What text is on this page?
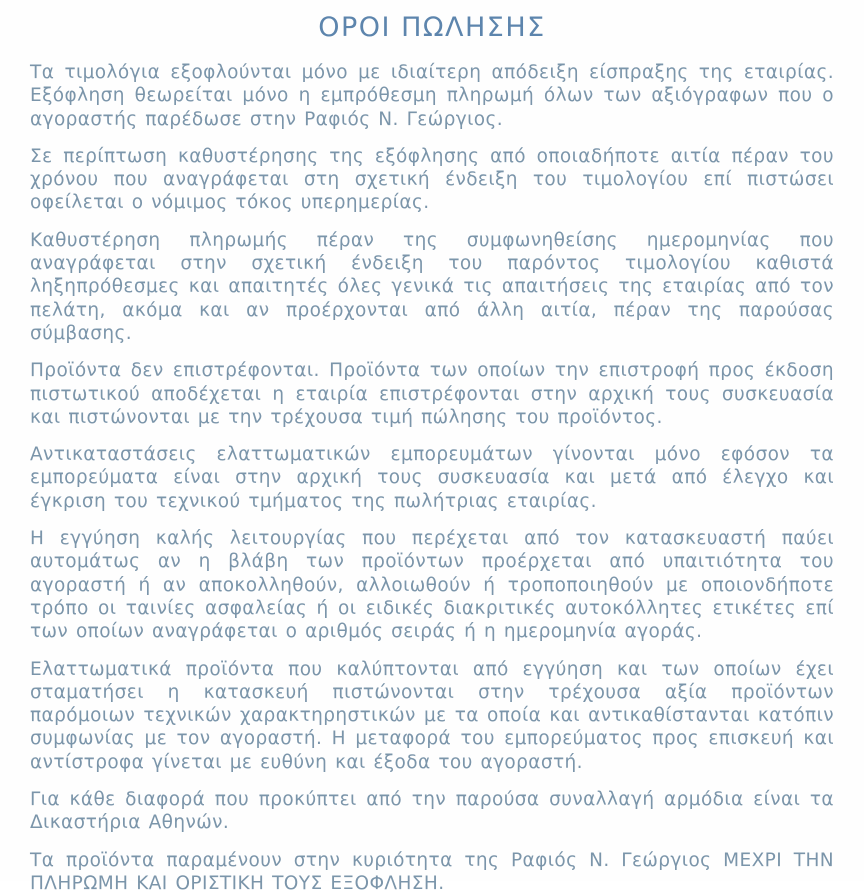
ΟΡΟΙ ΠΩΛΗΣΗΣ

Τα τιμολόγια εξοφλούνται μόνο με ιδιαίτερη απόδειξη είσπραξης της εταιρίας. Εξόφληση θεωρείται μόνο η εμπρόθεσμη πληρωμή όλων των αξιόγραφων που ο αγοραστής παρέδωσε στην Ραφιός Ν. Γεώργιος.

Σε περίπτωση καθυστέρησης της εξόφλησης από οποιαδήποτε αιτία πέραν του χρόνου που αναγράφεται στη σχετική ένδειξη του τιμολογίου επί πιστώσει οφείλεται ο νόμιμος τόκος υπερημερίας.

Καθυστέρηση πληρωμής πέραν της συμφωνηθείσης ημερομηνίας που αναγράφεται στην σχετική ένδειξη του παρόντος τιμολογίου καθιστά ληξηπρόθεσμες και απαιτητές όλες γενικά τις απαιτήσεις της εταιρίας από τον πελάτη, ακόμα και αν προέρχονται από άλλη αιτία, πέραν της παρούσας σύμβασης.

Προϊόντα δεν επιστρέφονται. Προϊόντα των οποίων την επιστροφή προς έκδοση πιστωτικού αποδέχεται η εταιρία επιστρέφονται στην αρχική τους συσκευασία και πιστώνονται με την τρέχουσα τιμή πώλησης του προϊόντος.

Αντικαταστάσεις ελαττωματικών εμπορευμάτων γίνονται μόνο εφόσον τα εμπορεύματα είναι στην αρχική τους συσκευασία και μετά από έλεγχο και έγκριση του τεχνικού τμήματος της πωλήτριας εταιρίας.

Η εγγύηση καλής λειτουργίας που περέχεται από τον κατασκευαστή παύει αυτομάτως αν η βλάβη των προϊόντων προέρχεται από υπαιτιότητα του αγοραστή ή αν αποκολληθούν, αλλοιωθούν ή τροποποιηθούν με οποιονδήποτε τρόπο οι ταινίες ασφαλείας ή οι ειδικές διακριτικές αυτοκόλλητες ετικέτες επί των οποίων αναγράφεται ο αριθμός σειράς ή η ημερομηνία αγοράς.

Ελαττωματικά προϊόντα που καλύπτονται από εγγύηση και των οποίων έχει σταματήσει η κατασκευή πιστώνονται στην τρέχουσα αξία προϊόντων παρόμοιων τεχνικών χαρακτηρηστικών με τα οποία και αντικαθίστανται κατόπιν συμφωνίας με τον αγοραστή. Η μεταφορά του εμπορεύματος προς επισκευή και αντίστροφα γίνεται με ευθύνη και έξοδα του αγοραστή.

Για κάθε διαφορά που προκύπτει από την παρούσα συναλλαγή αρμόδια είναι τα Δικαστήρια Αθηνών.

Τα προϊόντα παραμένουν στην κυριότητα της Ραφιός Ν. Γεώργιος ΜΕΧΡΙ ΤΗΝ ΠΛΗΡΩΜΗ ΚΑΙ ΟΡΙΣΤΙΚΗ ΤΟΥΣ ΕΞΟΦΛΗΣΗ.
